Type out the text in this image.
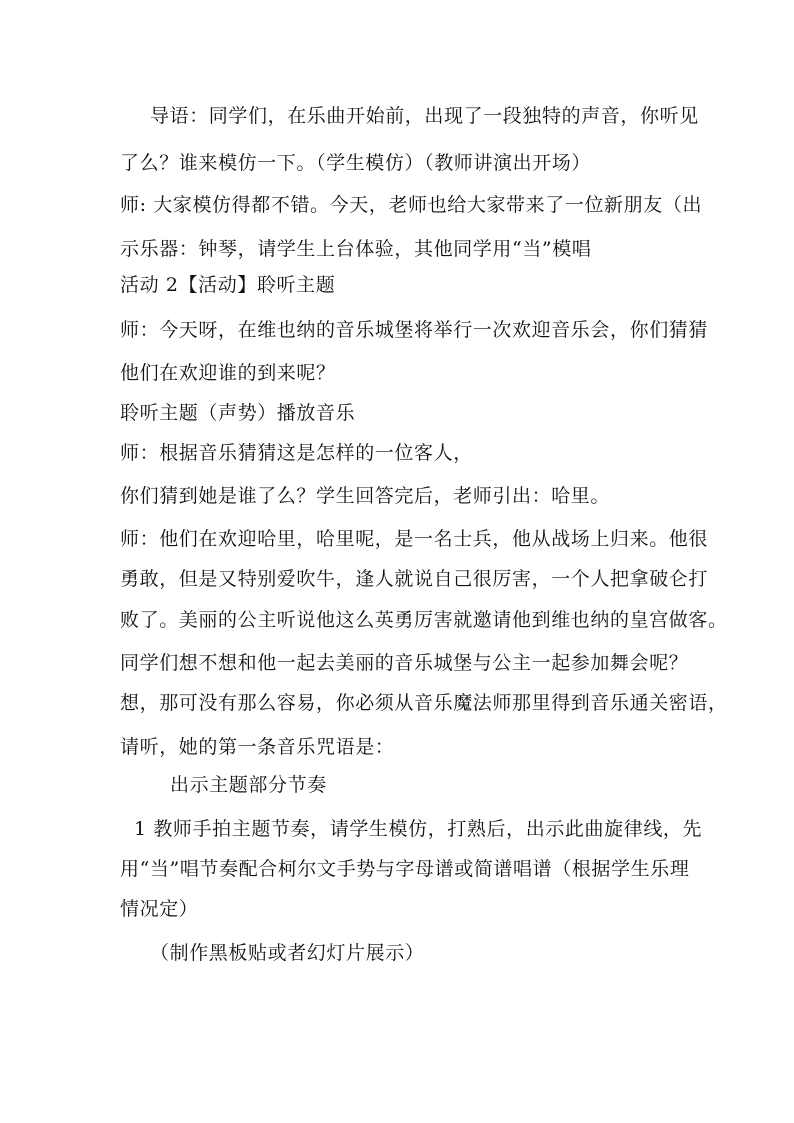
导语：同学们，在乐曲开始前，出现了一段独特的声音，你听见
了么？谁来模仿一下。（学生模仿）（教师讲演出开场）
师: 大家模仿得都不错。今天，老师也给大家带来了一位新朋友（出
示乐器：钟琴，请学生上台体验，其他同学用“当”模唱
活动 2【活动】聆听主题
师：今天呀，在维也纳的音乐城堡将举行一次欢迎音乐会，你们猜猜
他们在欢迎谁的到来呢？
聆听主题（声势）播放音乐
师：根据音乐猜猜这是怎样的一位客人，
你们猜到她是谁了么？学生回答完后，老师引出：哈里。
师：他们在欢迎哈里，哈里呢，是一名士兵，他从战场上归来。他很
勇敢，但是又特别爱吹牛，逢人就说自己很厉害，一个人把拿破仑打
败了。美丽的公主听说他这么英勇厉害就邀请他到维也纳的皇宫做客。
同学们想不想和他一起去美丽的音乐城堡与公主一起参加舞会呢？
想，那可没有那么容易，你必须从音乐魔法师那里得到音乐通关密语，
请听，她的第一条音乐咒语是：
出示主题部分节奏
1 教师手拍主题节奏，请学生模仿，打熟后，出示此曲旋律线，先
用“当”唱节奏配合柯尔文手势与字母谱或简谱唱谱（根据学生乐理
情况定）
（制作黑板贴或者幻灯片展示）
